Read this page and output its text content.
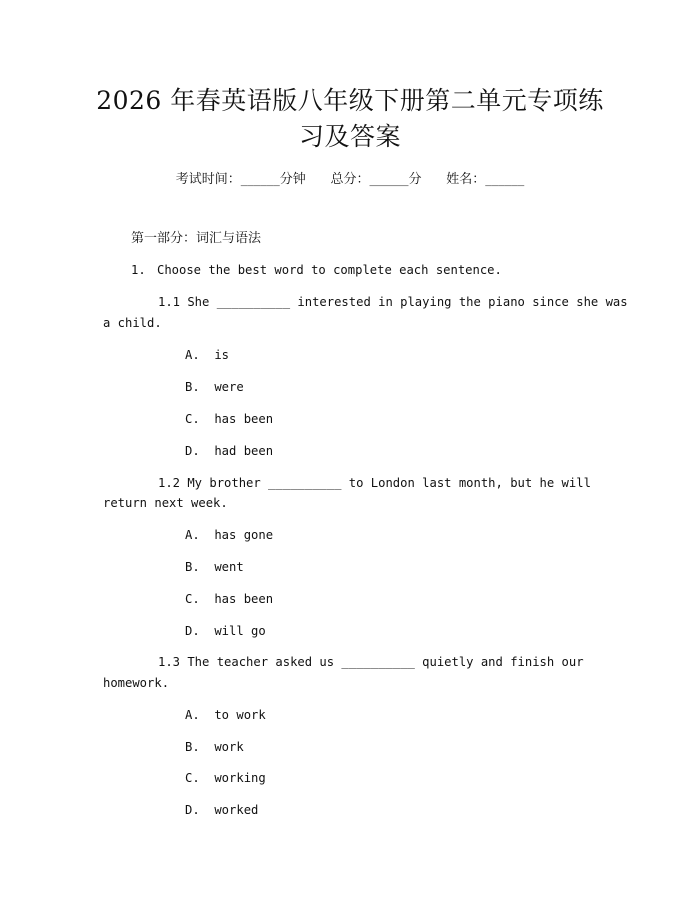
2026 年春英语版八年级下册第二单元专项练
习及答案
考试时间：______分钟      总分：______分      姓名：______
第一部分：词汇与语法
1. Choose the best word to complete each sentence.
1.1 She __________ interested in playing the piano since she was
a child.
A.  is
B.  were
C.  has been
D.  had been
1.2 My brother __________ to London last month, but he will
return next week.
A.  has gone
B.  went
C.  has been
D.  will go
1.3 The teacher asked us __________ quietly and finish our
homework.
A.  to work
B.  work
C.  working
D.  worked
